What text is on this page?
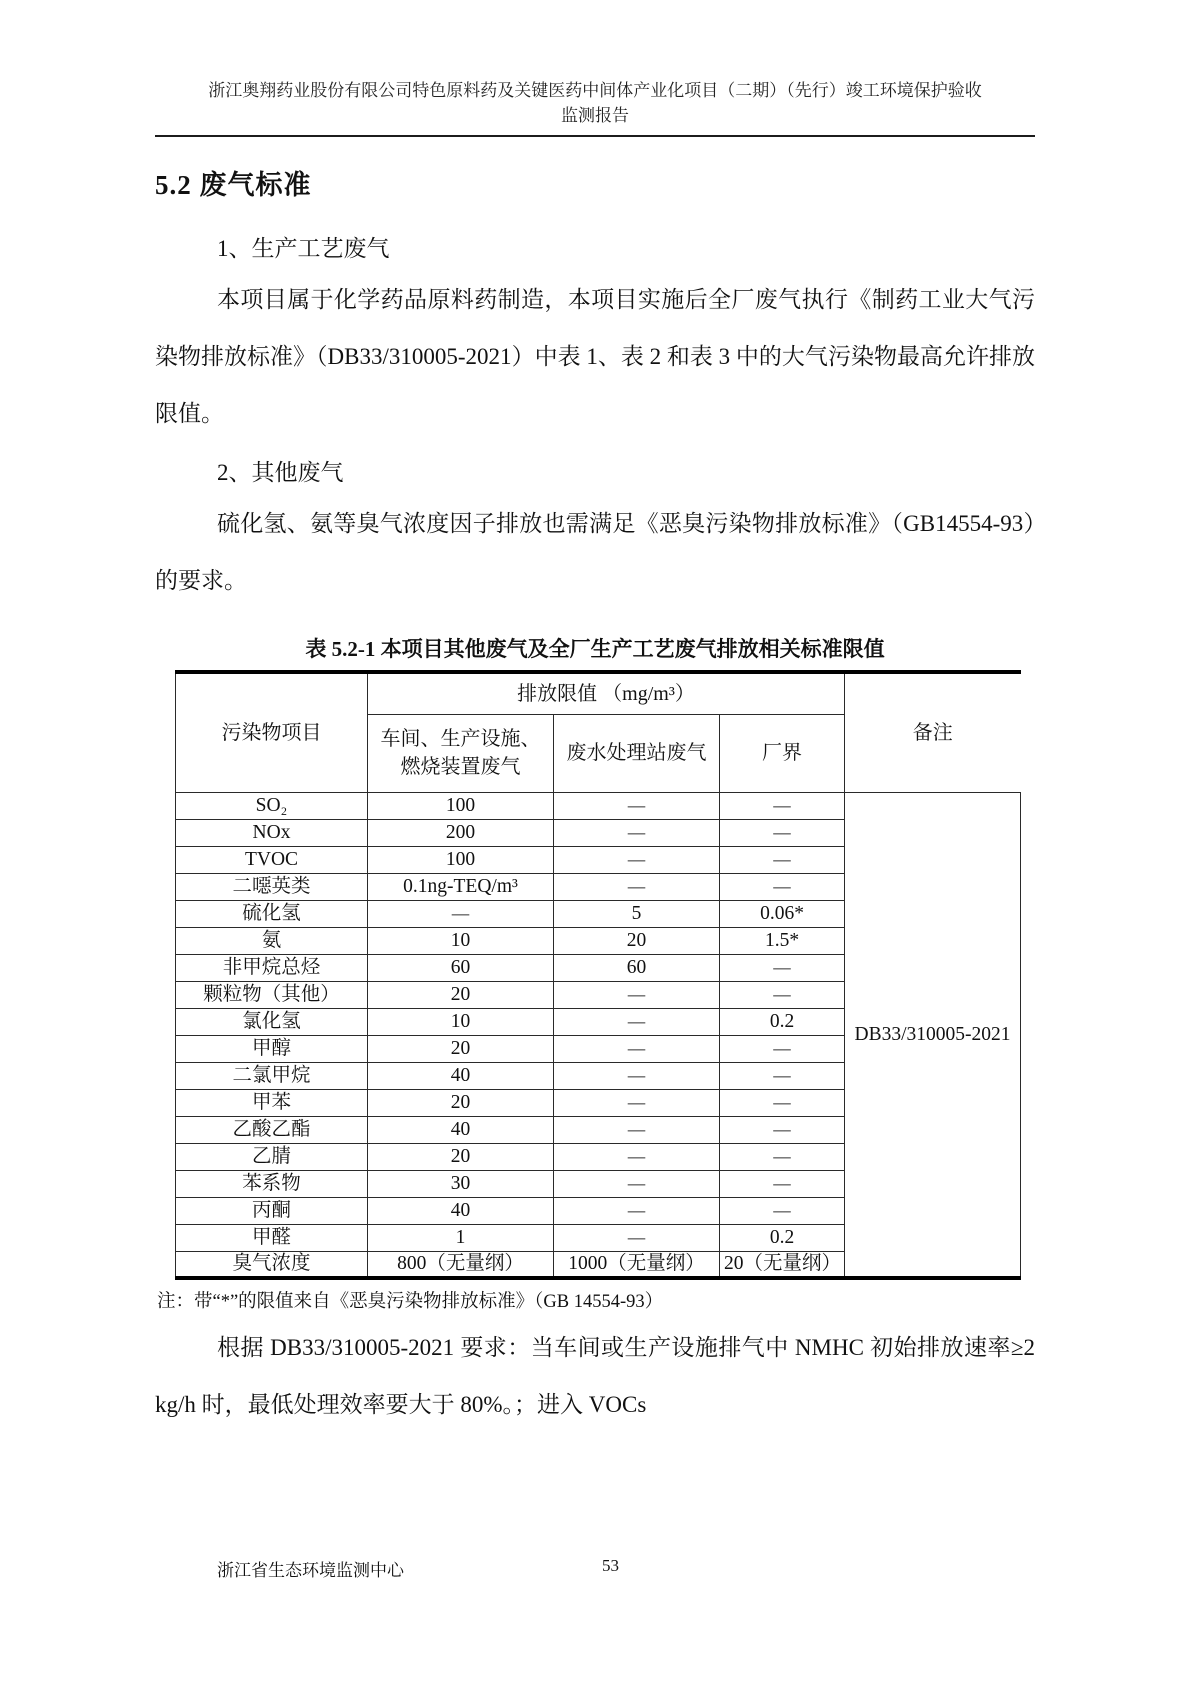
浙江奥翔药业股份有限公司特色原料药及关键医药中间体产业化项目（二期）（先行）竣工环境保护验收
监测报告
5.2 废气标准
1、生产工艺废气

本项目属于化学药品原料药制造，本项目实施后全厂废气执行《制药工业大气污染物排放标准》（DB33/310005-2021）中表 1、表 2 和表 3 中的大气污染物最高允许排放限值。

2、其他废气

硫化氢、氨等臭气浓度因子排放也需满足《恶臭污染物排放标准》（GB14554-93）的要求。

表 5.2-1 本项目其他废气及全厂生产工艺废气排放相关标准限值
污染物项目	排放限值 （mg/m³）			备注
	车间、生产设施、燃烧装置废气	废水处理站废气	厂界	
SO₂	100	—	—	DB33/310005-2021
NOx	200	—	—	
TVOC	100	—	—	
二噁英类	0.1ng-TEQ/m³	—	—	
硫化氢	—	5	0.06*	
氨	10	20	1.5*	
非甲烷总烃	60	60	—	
颗粒物（其他）	20	—	—	
氯化氢	10	—	0.2	
甲醇	20	—	—	
二氯甲烷	40	—	—	
甲苯	20	—	—	
乙酸乙酯	40	—	—	
乙腈	20	—	—	
苯系物	30	—	—	
丙酮	40	—	—	
甲醛	1	—	0.2	
臭气浓度	800（无量纲）	1000（无量纲）	20（无量纲）	
注：带“*”的限值来自《恶臭污染物排放标准》（GB 14554-93）

根据 DB33/310005-2021 要求：当车间或生产设施排气中 NMHC 初始排放速率≥2 kg/h 时，最低处理效率要大于 80%。；进入 VOCs

浙江省生态环境监测中心	53
